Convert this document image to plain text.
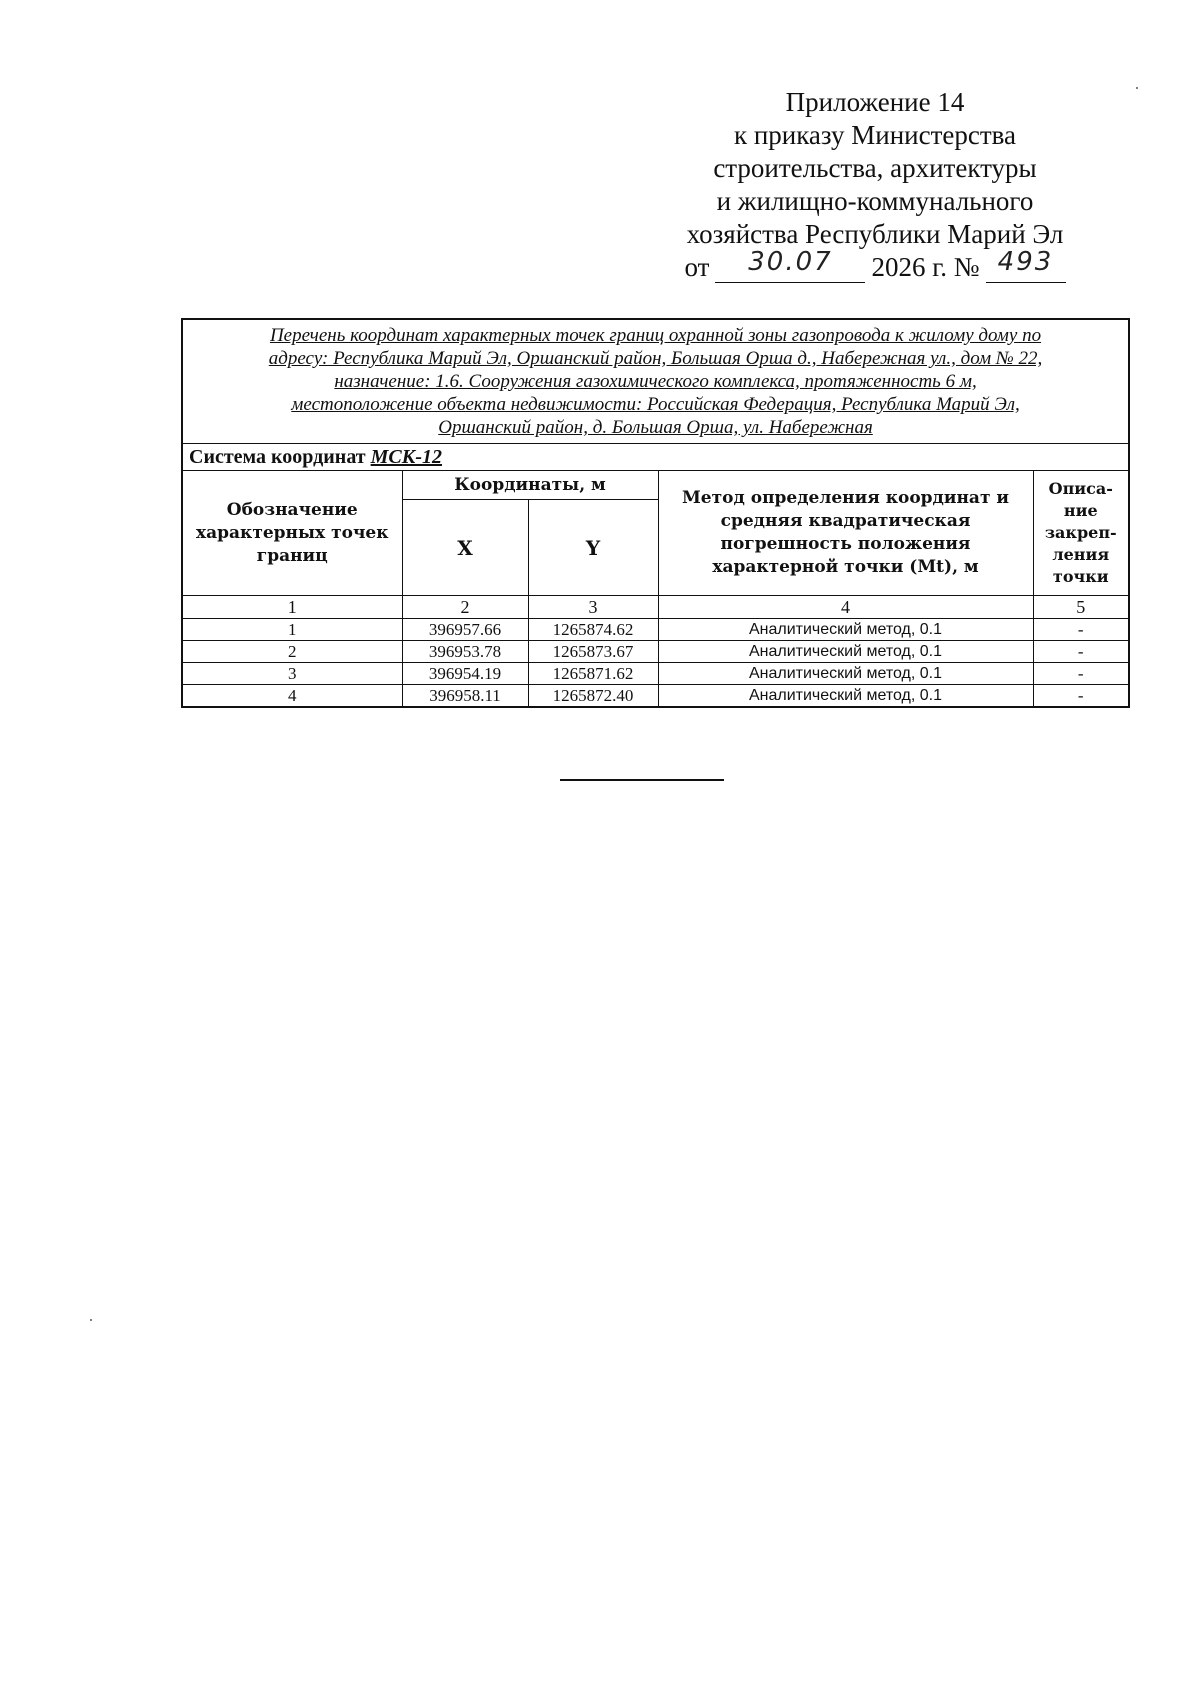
Приложение 14
к приказу Министерства
строительства, архитектуры
и жилищно-коммунального
хозяйства Республики Марий Эл
от	30.07	2026 г. № 493
Перечень координат характерных точек границ охранной зоны газопровода к жилому дому по
адресу: Республика Марий Эл, Оршанский район, Большая Орша д., Набережная ул., дом № 22,
назначение: 1.6. Сооружения газохимического комплекса, протяженность 6 м,
местоположение объекта недвижимости: Российская Федерация, Республика Марий Эл,
Оршанский район, д. Большая Орша, ул. Набережная				

Система координат МСК-12				
Обозначение характерных точек границ	Координаты, м		Метод определения координат и средняя квадратическая погрешность положения характерной точки (Mt), м	Описа-
ние
закреп-
ления
точки

	X	Y		
1	2	3	4	5
1	396957.66	1265874.62	Аналитический метод, 0.1	-
2	396953.78	1265873.67	Аналитический метод, 0.1	-
3	396954.19	1265871.62	Аналитический метод, 0.1	-
4	396958.11	1265872.40	Аналитический метод, 0.1	-
